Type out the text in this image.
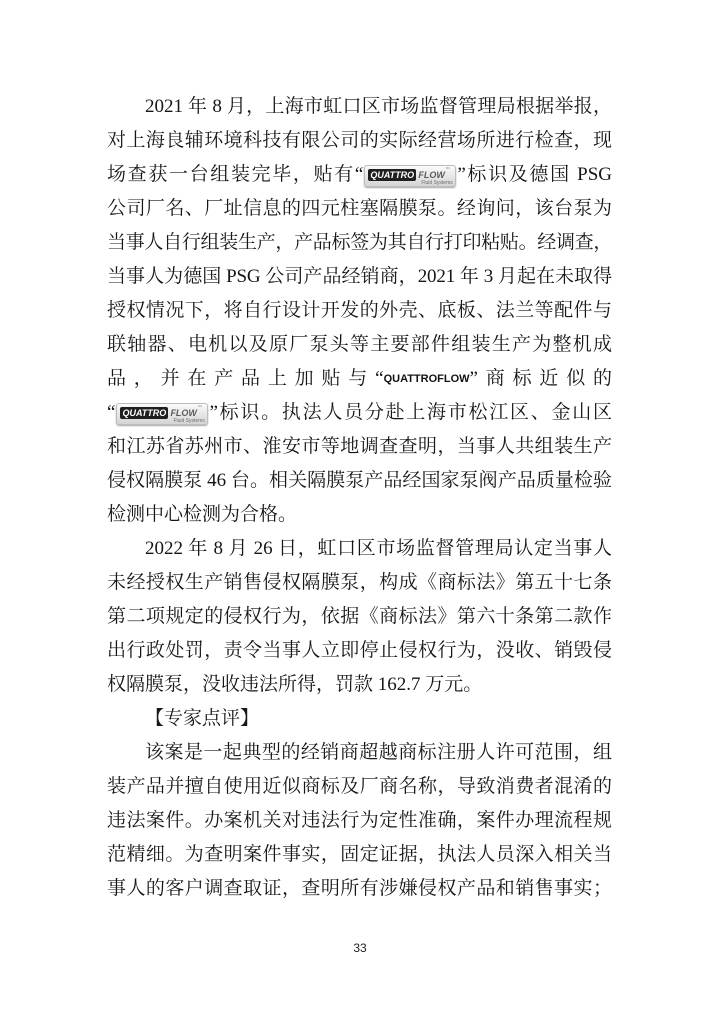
2021 年 8 月，上海市虹口区市场监督管理局根据举报，
对上海良辅环境科技有限公司的实际经营场所进行检查，现
场查获一台组装完毕，贴有“ QUATTRO FLOW ™
Fluid Systems ”标识及德国 PSG
公司厂名、厂址信息的四元柱塞隔膜泵。经询问，该台泵为
当事人自行组装生产，产品标签为其自行打印粘贴。经调查，
当事人为德国 PSG 公司产品经销商，2021 年 3 月起在未取得
授权情况下，将自行设计开发的外壳、底板、法兰等配件与
联轴器、电机以及原厂泵头等主要部件组装生产为整机成
品，并在产品上加贴与“QUATTROFLOW”商标近似的
“ QUATTRO FLOW ™
Fluid Systems ”标识。执法人员分赴上海市松江区、金山区
和江苏省苏州市、淮安市等地调查查明，当事人共组装生产
侵权隔膜泵 46 台。相关隔膜泵产品经国家泵阀产品质量检验
检测中心检测为合格。
2022 年 8 月 26 日，虹口区市场监督管理局认定当事人
未经授权生产销售侵权隔膜泵，构成《商标法》第五十七条
第二项规定的侵权行为，依据《商标法》第六十条第二款作
出行政处罚，责令当事人立即停止侵权行为，没收、销毁侵
权隔膜泵，没收违法所得，罚款 162.7 万元。
【专家点评】
该案是一起典型的经销商超越商标注册人许可范围，组
装产品并擅自使用近似商标及厂商名称，导致消费者混淆的
违法案件。办案机关对违法行为定性准确，案件办理流程规
范精细。为查明案件事实，固定证据，执法人员深入相关当
事人的客户调查取证，查明所有涉嫌侵权产品和销售事实；
33
